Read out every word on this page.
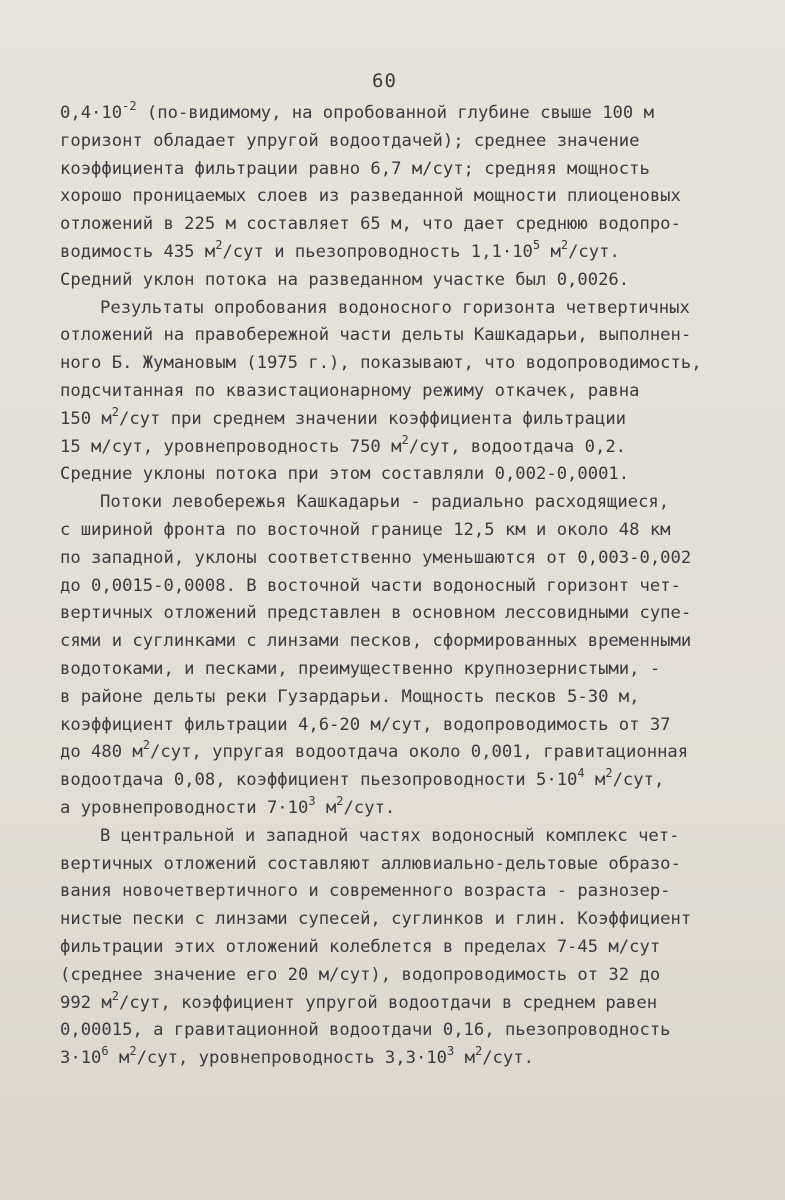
60
$0,4\cdot 10^{-2}$ (по-видимому, на опробованной глубине свыше 100 м
горизонт обладает упругой водоотдачей); среднее значение
коэффициента фильтрации равно 6,7 м/сут; средняя мощность
хорошо проницаемых слоев из разведанной мощности плиоценовых
отложений в 225 м составляет 65 м, что дает среднюю водопро-
водимость 435 $м^2$/сут и пьезопроводность $1,1\cdot 10^5$ $м^2$/сут.
Средний уклон потока на разведанном участке был 0,0026.
Результаты опробования водоносного горизонта четвертичных
отложений на правобережной части дельты Кашкадарьи, выполнен-
ного Б. Жумановым (1975 г.), показывают, что водопроводимость,
подсчитанная по квазистационарному режиму откачек, равна
150 $м^2$/сут при среднем значении коэффициента фильтрации
15 м/сут, уровнепроводность 750 $м^2$/сут, водоотдача 0,2.
Средние уклоны потока при этом составляли 0,002-0,0001.
Потоки левобережья Кашкадарьи - радиально расходящиеся,
с шириной фронта по восточной границе 12,5 км и около 48 км
по западной, уклоны соответственно уменьшаются от 0,003-0,002
до 0,0015-0,0008. В восточной части водоносный горизонт чет-
вертичных отложений представлен в основном лессовидными супе-
сями и суглинками с линзами песков, сформированных временными
водотоками, и песками, преимущественно крупнозернистыми, -
в районе дельты реки Гузардарьи. Мощность песков 5-30 м,
коэффициент фильтрации 4,6-20 м/сут, водопроводимость от 37
до 480 $м^2$/сут, упругая водоотдача около 0,001, гравитационная
водоотдача 0,08, коэффициент пьезопроводности $5\cdot 10^4$ $м^2$/сут,
а уровнепроводности $7\cdot 10^3$ $м^2$/сут.
В центральной и западной частях водоносный комплекс чет-
вертичных отложений составляют аллювиально-дельтовые образо-
вания новочетвертичного и современного возраста - разнозер-
нистые пески с линзами супесей, суглинков и глин. Коэффициент
фильтрации этих отложений колеблется в пределах 7-45 м/сут
(среднее значение его 20 м/сут), водопроводимость от 32 до
992 $м^2$/сут, коэффициент упругой водоотдачи в среднем равен
0,00015, а гравитационной водоотдачи 0,16, пьезопроводность
$3\cdot 10^6$ $м^2$/сут, уровнепроводность $3,3\cdot 10^3$ $м^2$/сут.
